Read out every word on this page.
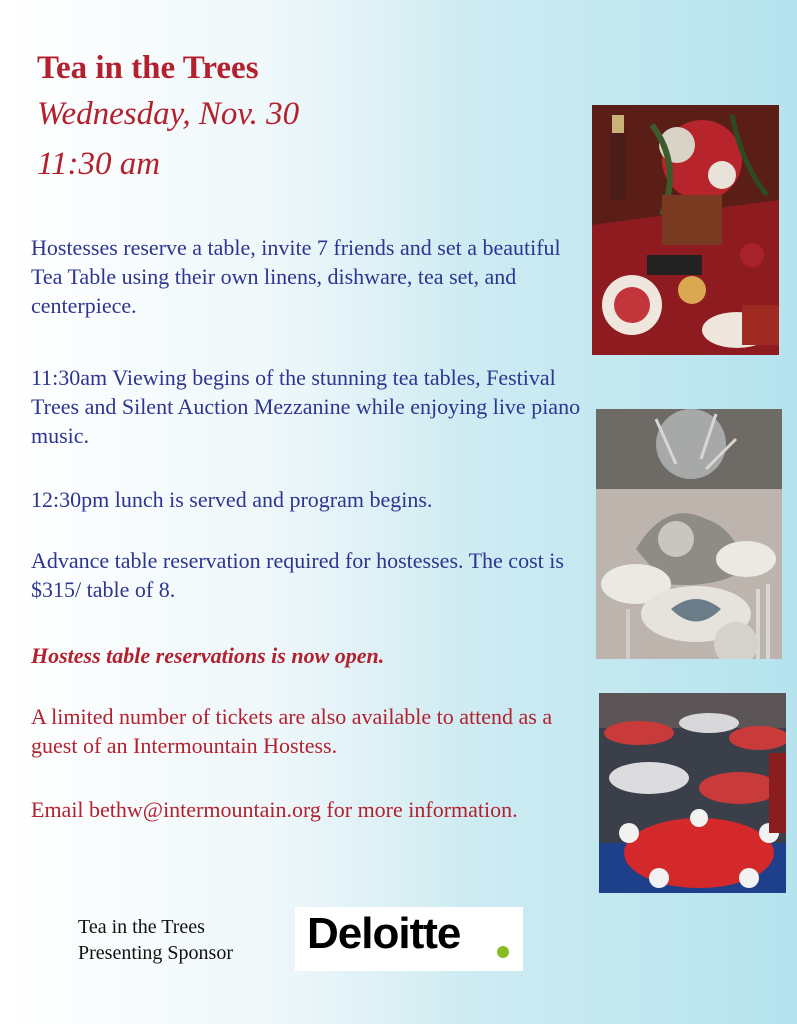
Tea in the Trees
Wednesday, Nov. 30
11:30 am

Hostesses reserve a table, invite 7 friends and set a beautiful Tea Table using their own linens, dishware, tea set, and centerpiece.

11:30am Viewing begins of the stunning tea tables, Festival Trees and Silent Auction Mezzanine while enjoying live piano music.

12:30pm lunch is served and program begins.

Advance table reservation required for hostesses. The cost is $315/ table of 8.

Hostess table reservations is now open.

A limited number of tickets are also available to attend as a guest of an Intermountain Hostess.

Email bethw@intermountain.org for more information.

Tea in the Trees
Presenting Sponsor Deloitte
